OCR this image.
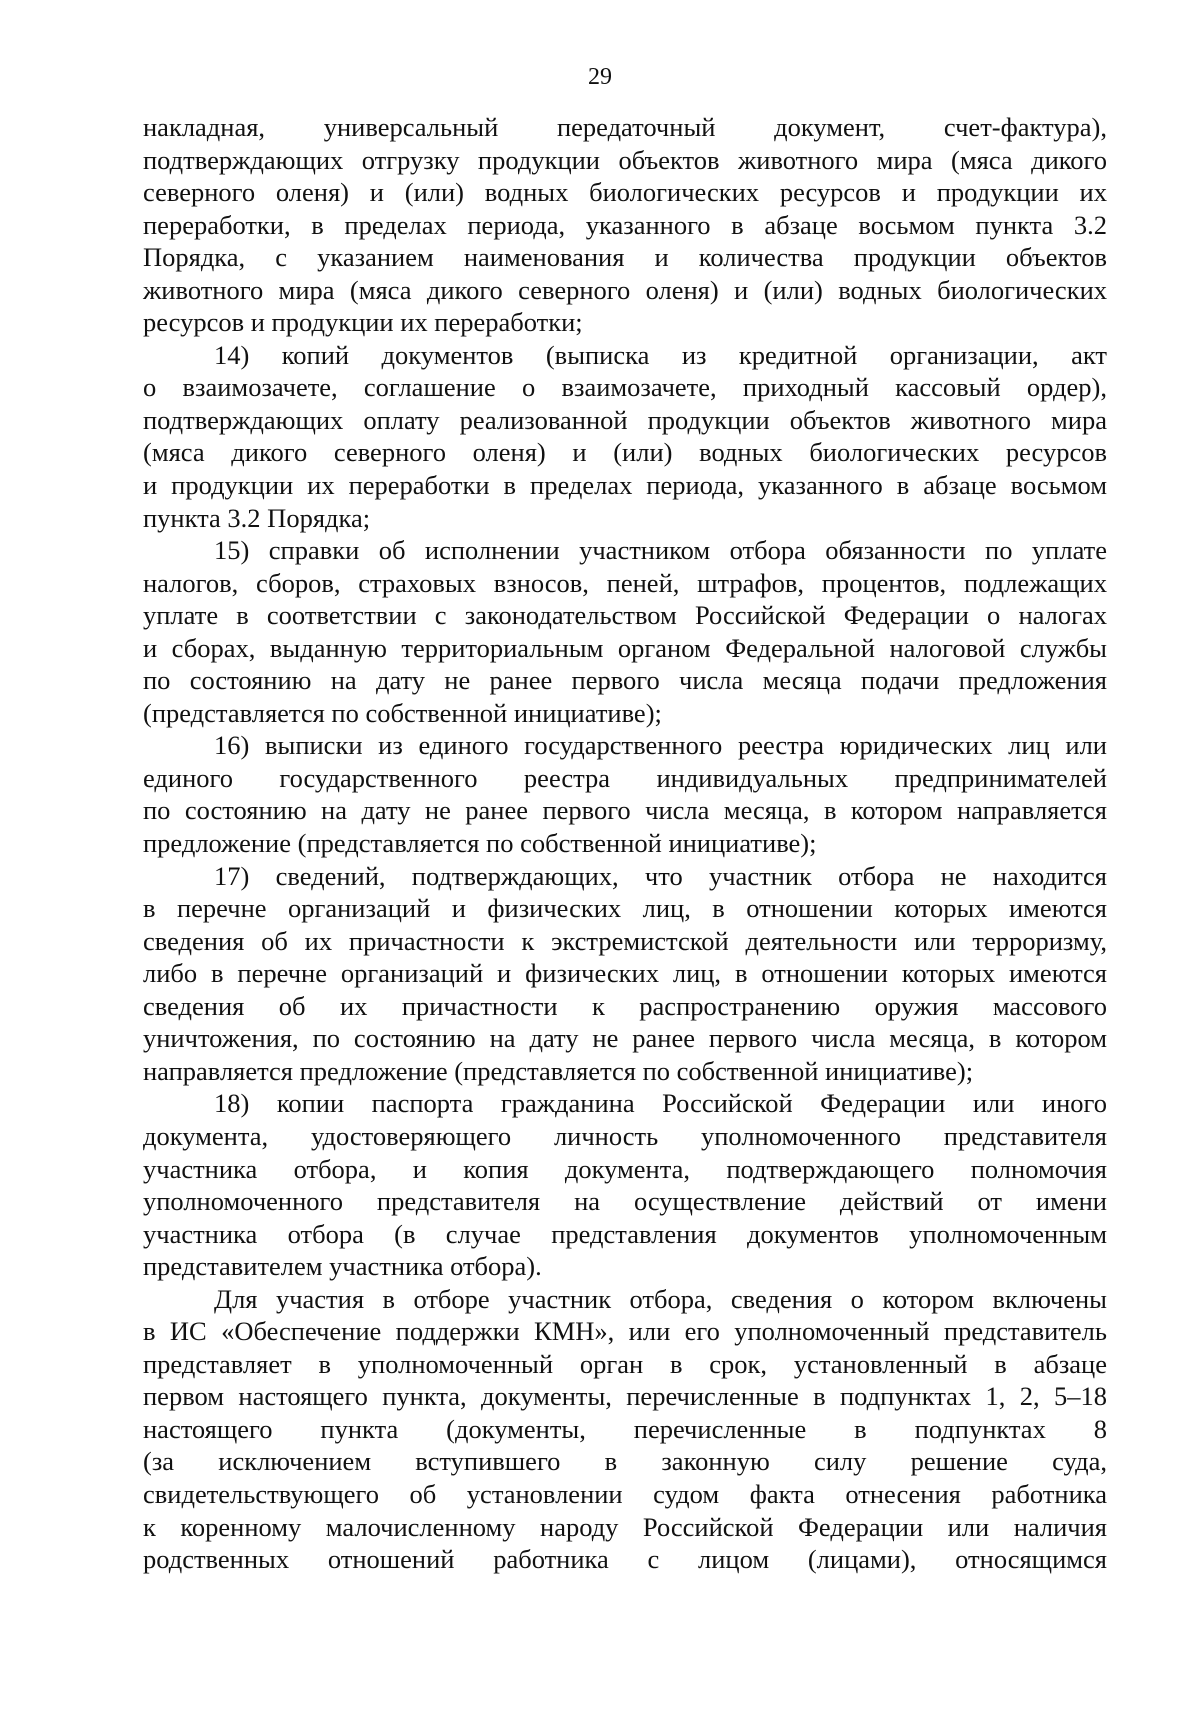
29
накладная, универсальный передаточный документ, счет-фактура),
подтверждающих отгрузку продукции объектов животного мира (мяса дикого
северного оленя) и (или) водных биологических ресурсов и продукции их
переработки, в пределах периода, указанного в абзаце восьмом пункта 3.2
Порядка, с указанием наименования и количества продукции объектов
животного мира (мяса дикого северного оленя) и (или) водных биологических
ресурсов и продукции их переработки;
14) копий документов (выписка из кредитной организации, акт
о взаимозачете, соглашение о взаимозачете, приходный кассовый ордер),
подтверждающих оплату реализованной продукции объектов животного мира
(мяса дикого северного оленя) и (или) водных биологических ресурсов
и продукции их переработки в пределах периода, указанного в абзаце восьмом
пункта 3.2 Порядка;
15) справки об исполнении участником отбора обязанности по уплате
налогов, сборов, страховых взносов, пеней, штрафов, процентов, подлежащих
уплате в соответствии с законодательством Российской Федерации о налогах
и сборах, выданную территориальным органом Федеральной налоговой службы
по состоянию на дату не ранее первого числа месяца подачи предложения
(представляется по собственной инициативе);
16) выписки из единого государственного реестра юридических лиц или
единого государственного реестра индивидуальных предпринимателей
по состоянию на дату не ранее первого числа месяца, в котором направляется
предложение (представляется по собственной инициативе);
17) сведений, подтверждающих, что участник отбора не находится
в перечне организаций и физических лиц, в отношении которых имеются
сведения об их причастности к экстремистской деятельности или терроризму,
либо в перечне организаций и физических лиц, в отношении которых имеются
сведения об их причастности к распространению оружия массового
уничтожения, по состоянию на дату не ранее первого числа месяца, в котором
направляется предложение (представляется по собственной инициативе);
18) копии паспорта гражданина Российской Федерации или иного
документа, удостоверяющего личность уполномоченного представителя
участника отбора, и копия документа, подтверждающего полномочия
уполномоченного представителя на осуществление действий от имени
участника отбора (в случае представления документов уполномоченным
представителем участника отбора).
Для участия в отборе участник отбора, сведения о котором включены
в ИС «Обеспечение поддержки КМН», или его уполномоченный представитель
представляет в уполномоченный орган в срок, установленный в абзаце
первом настоящего пункта, документы, перечисленные в подпунктах 1, 2, 5–18
настоящего пункта (документы, перечисленные в подпунктах 8
(за исключением вступившего в законную силу решение суда,
свидетельствующего об установлении судом факта отнесения работника
к коренному малочисленному народу Российской Федерации или наличия
родственных отношений работника с лицом (лицами), относящимся
